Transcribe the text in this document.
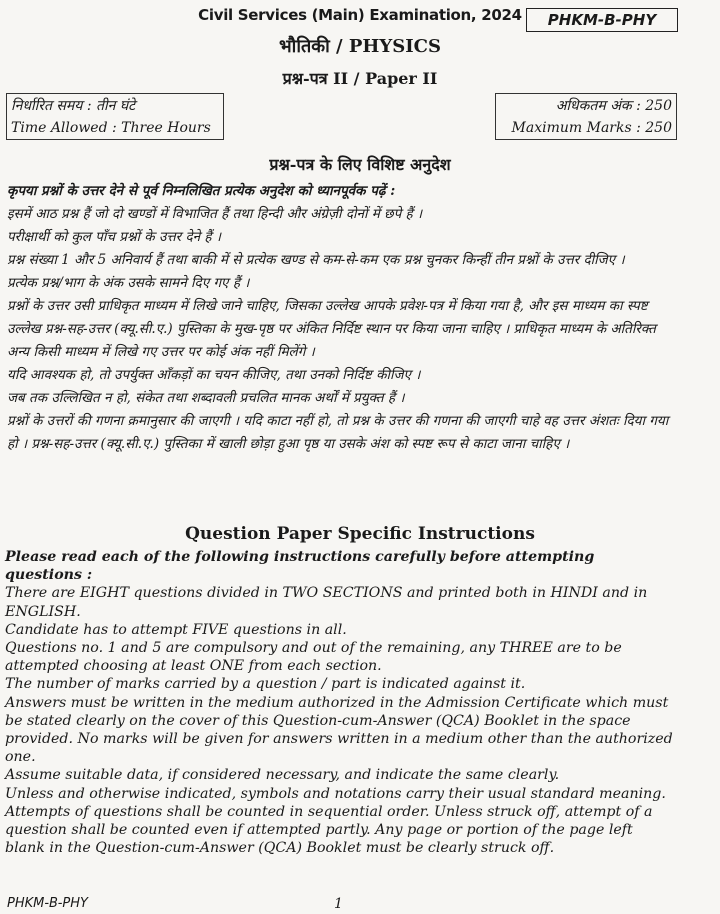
Civil Services (Main) Examination, 2024	PHKM-B-PHY
भौतिकी / PHYSICS
प्रश्न-पत्र II / Paper II
निर्धारित समय : तीन घंटे
Time Allowed : Three Hours
अधिकतम अंक : 250
Maximum Marks : 250
प्रश्न-पत्र के लिए विशिष्ट अनुदेश

कृपया प्रश्नों के उत्तर देने से पूर्व निम्नलिखित प्रत्येक अनुदेश को ध्यानपूर्वक पढ़ें :

इसमें आठ प्रश्न हैं जो दो खण्डों में विभाजित हैं तथा हिन्दी और अंग्रेज़ी दोनों में छपे हैं ।

परीक्षार्थी को कुल पाँच प्रश्नों के उत्तर देने हैं ।

प्रश्न संख्या 1 और 5 अनिवार्य हैं तथा बाकी में से प्रत्येक खण्ड से कम-से-कम एक प्रश्न चुनकर किन्हीं तीन प्रश्नों के उत्तर दीजिए ।

प्रत्येक प्रश्न/भाग के अंक उसके सामने दिए गए हैं ।

प्रश्नों के उत्तर उसी प्राधिकृत माध्यम में लिखे जाने चाहिए, जिसका उल्लेख आपके प्रवेश-पत्र में किया गया है, और इस माध्यम का स्पष्ट उल्लेख प्रश्न-सह-उत्तर (क्यू.सी.ए.) पुस्तिका के मुख-पृष्ठ पर अंकित निर्दिष्ट स्थान पर किया जाना चाहिए । प्राधिकृत माध्यम के अतिरिक्त अन्य किसी माध्यम में लिखे गए उत्तर पर कोई अंक नहीं मिलेंगे ।

यदि आवश्यक हो, तो उपर्युक्त आँकड़ों का चयन कीजिए, तथा उनको निर्दिष्ट कीजिए ।

जब तक उल्लिखित न हो, संकेत तथा शब्दावली प्रचलित मानक अर्थों में प्रयुक्त हैं ।

प्रश्नों के उत्तरों की गणना क्रमानुसार की जाएगी । यदि काटा नहीं हो, तो प्रश्न के उत्तर की गणना की जाएगी चाहे वह उत्तर अंशतः दिया गया हो । प्रश्न-सह-उत्तर (क्यू.सी.ए.) पुस्तिका में खाली छोड़ा हुआ पृष्ठ या उसके अंश को स्पष्ट रूप से काटा जाना चाहिए ।

Question Paper Specific Instructions

Please read each of the following instructions carefully before attempting questions :

There are EIGHT questions divided in TWO SECTIONS and printed both in HINDI and in ENGLISH.

Candidate has to attempt FIVE questions in all.

Questions no. 1 and 5 are compulsory and out of the remaining, any THREE are to be attempted choosing at least ONE from each section.

The number of marks carried by a question / part is indicated against it.

Answers must be written in the medium authorized in the Admission Certificate which must be stated clearly on the cover of this Question-cum-Answer (QCA) Booklet in the space provided. No marks will be given for answers written in a medium other than the authorized one.

Assume suitable data, if considered necessary, and indicate the same clearly.

Unless and otherwise indicated, symbols and notations carry their usual standard meaning.

Attempts of questions shall be counted in sequential order. Unless struck off, attempt of a question shall be counted even if attempted partly. Any page or portion of the page left blank in the Question-cum-Answer (QCA) Booklet must be clearly struck off.

PHKM-B-PHY	1
